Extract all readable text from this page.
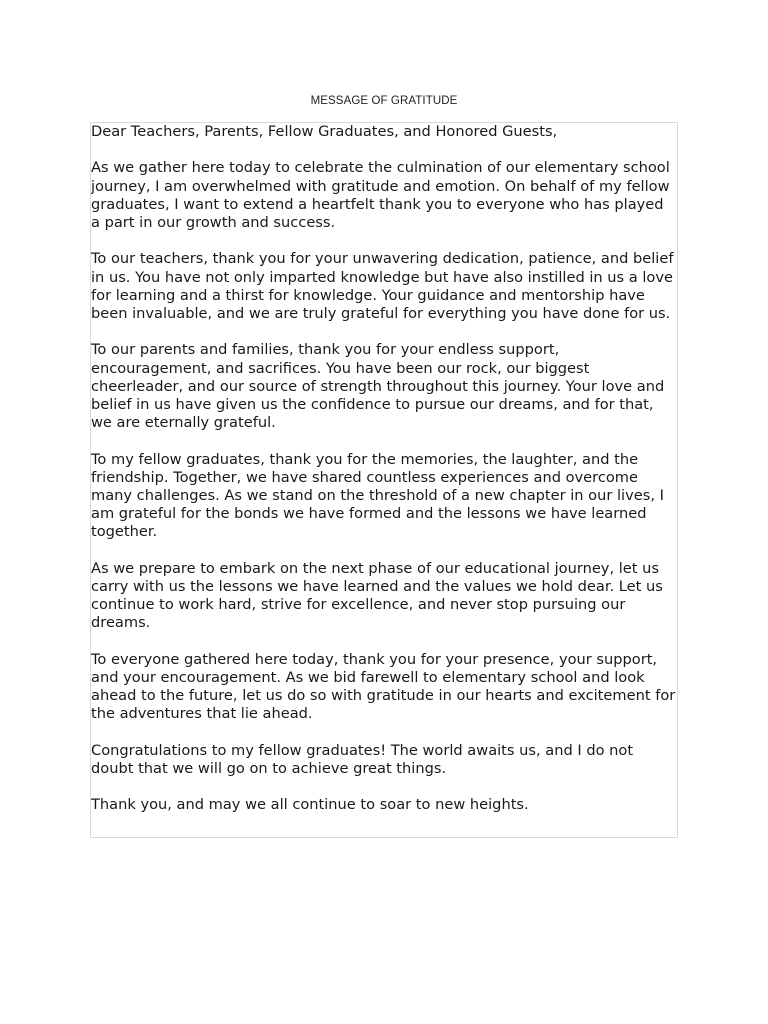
MESSAGE OF GRATITUDE

Dear Teachers, Parents, Fellow Graduates, and Honored Guests,

As we gather here today to celebrate the culmination of our elementary school journey, I am overwhelmed with gratitude and emotion. On behalf of my fellow graduates, I want to extend a heartfelt thank you to everyone who has played a part in our growth and success.

To our teachers, thank you for your unwavering dedication, patience, and belief in us. You have not only imparted knowledge but have also instilled in us a love for learning and a thirst for knowledge. Your guidance and mentorship have been invaluable, and we are truly grateful for everything you have done for us.

To our parents and families, thank you for your endless support, encouragement, and sacrifices. You have been our rock, our biggest cheerleader, and our source of strength throughout this journey. Your love and belief in us have given us the confidence to pursue our dreams, and for that, we are eternally grateful.

To my fellow graduates, thank you for the memories, the laughter, and the friendship. Together, we have shared countless experiences and overcome many challenges. As we stand on the threshold of a new chapter in our lives, I am grateful for the bonds we have formed and the lessons we have learned together.

As we prepare to embark on the next phase of our educational journey, let us carry with us the lessons we have learned and the values we hold dear. Let us continue to work hard, strive for excellence, and never stop pursuing our dreams.

To everyone gathered here today, thank you for your presence, your support, and your encouragement. As we bid farewell to elementary school and look ahead to the future, let us do so with gratitude in our hearts and excitement for the adventures that lie ahead.

Congratulations to my fellow graduates! The world awaits us, and I do not doubt that we will go on to achieve great things.

Thank you, and may we all continue to soar to new heights.
